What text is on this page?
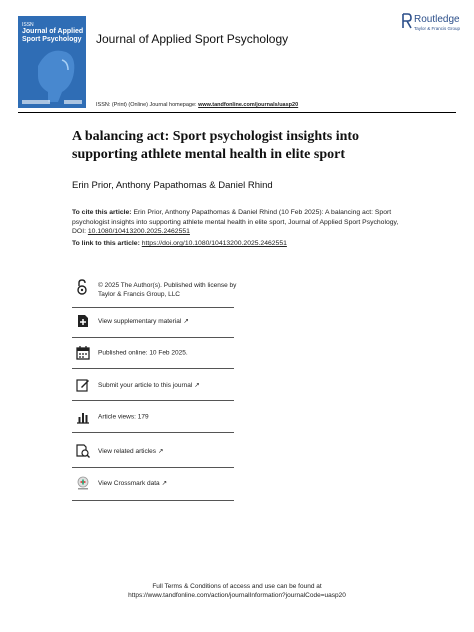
ISSN
Journal of Applied Sport Psychology Journal of Applied Sport Psychology
Routledge
Taylor & Francis Group
ISSN: (Print) (Online) Journal homepage: www.tandfonline.com/journals/uasp20
A balancing act: Sport psychologist insights into supporting athlete mental health in elite sport
Erin Prior, Anthony Papathomas & Daniel Rhind
To cite this article: Erin Prior, Anthony Papathomas & Daniel Rhind (10 Feb 2025): A balancing act: Sport psychologist insights into supporting athlete mental health in elite sport, Journal of Applied Sport Psychology, DOI: 10.1080/10413200.2025.2462551
To link to this article: https://doi.org/10.1080/10413200.2025.2462551
© 2025 The Author(s). Published with license by Taylor & Francis Group, LLC
View supplementary material ↗
Published online: 10 Feb 2025.
Submit your article to this journal ↗
Article views: 179
View related articles ↗
View Crossmark data ↗
Full Terms & Conditions of access and use can be found at
https://www.tandfonline.com/action/journalInformation?journalCode=uasp20
